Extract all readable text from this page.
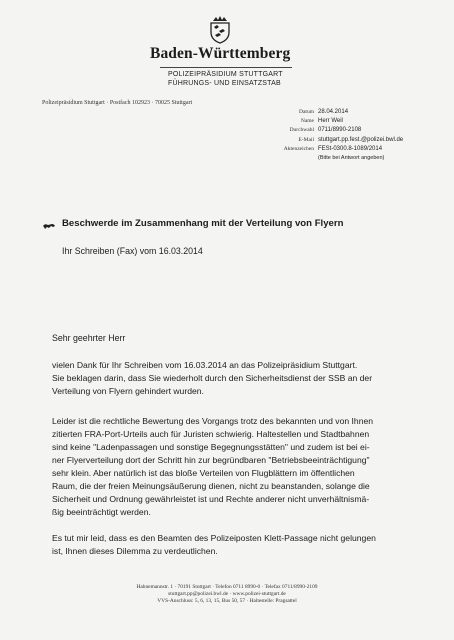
Baden-Württemberg
POLIZEIPRÄSIDIUM STUTTGART
FÜHRUNGS- UND EINSATZSTAB
Polizeipräsidium Stuttgart · Postfach 102923 · 70025 Stuttgart
Datum 28.04.2014
Name Herr Weil
Durchwahl 0711/8990-2108
E-Mail stuttgart.pp.fest.@polizei.bwl.de
Aktenzeichen FESt-0300.8-1089/2014
(Bitte bei Antwort angeben)
Beschwerde im Zusammenhang mit der Verteilung von Flyern
Ihr Schreiben (Fax) vom 16.03.2014
Sehr geehrter Herr
vielen Dank für Ihr Schreiben vom 16.03.2014 an das Polizeipräsidium Stuttgart.
Sie beklagen darin, dass Sie wiederholt durch den Sicherheitsdienst der SSB an der
Verteilung von Flyern gehindert wurden.
Leider ist die rechtliche Bewertung des Vorgangs trotz des bekannten und von Ihnen
zitierten FRA-Port-Urteils auch für Juristen schwierig. Haltestellen und Stadtbahnen
sind keine "Ladenpassagen und sonstige Begegnungsstätten" und zudem ist bei ei-
ner Flyerverteilung dort der Schritt hin zur begründbaren "Betriebsbeeinträchtigung"
sehr klein. Aber natürlich ist das bloße Verteilen von Flugblättern im öffentlichen
Raum, die der freien Meinungsäußerung dienen, nicht zu beanstanden, solange die
Sicherheit und Ordnung gewährleistet ist und Rechte anderer nicht unverhältnismä-
ßig beeinträchtigt werden.
Es tut mir leid, dass es den Beamten des Polizeiposten Klett-Passage nicht gelungen
ist, Ihnen dieses Dilemma zu verdeutlichen.
Hahnemannstr. 1 · 70191 Stuttgart · Telefon 0711 8990-0 · Telefax 0711/8990-2109
stuttgart.pp@polizei.bwl.de · www.polizei-stuttgart.de
VVS-Anschluss: 5, 6, 13, 15, Bus 50, 57 · Haltestelle: Pragsattel
